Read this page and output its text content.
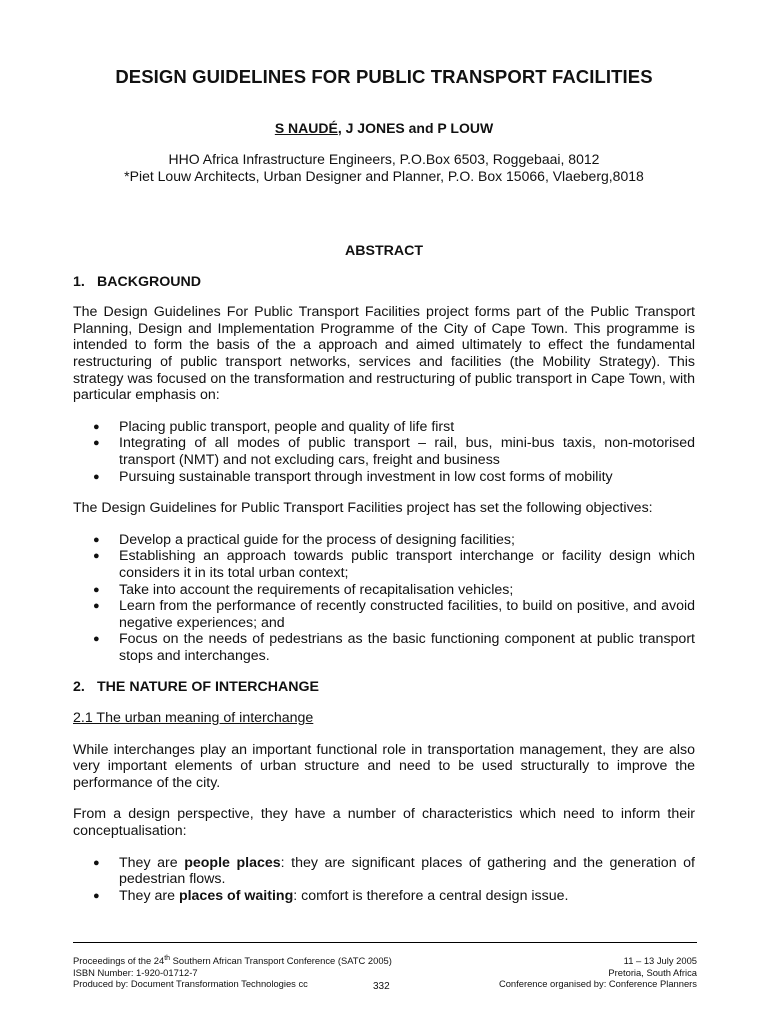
DESIGN GUIDELINES FOR PUBLIC TRANSPORT FACILITIES
S NAUDÉ, J JONES and P LOUW
HHO Africa Infrastructure Engineers, P.O.Box 6503, Roggebaai, 8012
*Piet Louw Architects, Urban Designer and Planner, P.O. Box 15066, Vlaeberg,8018
ABSTRACT
1. BACKGROUND

The Design Guidelines For Public Transport Facilities project forms part of the Public Transport Planning, Design and Implementation Programme of the City of Cape Town. This programme is intended to form the basis of the a approach and aimed ultimately to effect the fundamental restructuring of public transport networks, services and facilities (the Mobility Strategy). This strategy was focused on the transformation and restructuring of public transport in Cape Town, with particular emphasis on:

● Placing public transport, people and quality of life first
● Integrating of all modes of public transport – rail, bus, mini-bus taxis, non-motorised transport (NMT) and not excluding cars, freight and business
● Pursuing sustainable transport through investment in low cost forms of mobility

The Design Guidelines for Public Transport Facilities project has set the following objectives:

● Develop a practical guide for the process of designing facilities;
● Establishing an approach towards public transport interchange or facility design which considers it in its total urban context;
● Take into account the requirements of recapitalisation vehicles;
● Learn from the performance of recently constructed facilities, to build on positive, and avoid negative experiences; and
● Focus on the needs of pedestrians as the basic functioning component at public transport stops and interchanges.
2. THE NATURE OF INTERCHANGE
2.1 The urban meaning of interchange

While interchanges play an important functional role in transportation management, they are also very important elements of urban structure and need to be used structurally to improve the performance of the city.

From a design perspective, they have a number of characteristics which need to inform their conceptualisation:

● They are people places: they are significant places of gathering and the generation of pedestrian flows.
● They are places of waiting: comfort is therefore a central design issue.
Proceedings of the 24th Southern African Transport Conference (SATC 2005)
ISBN Number: 1-920-01712-7
Produced by: Document Transformation Technologies cc	332
11 – 13 July 2005
Pretoria, South Africa
Conference organised by: Conference Planners
